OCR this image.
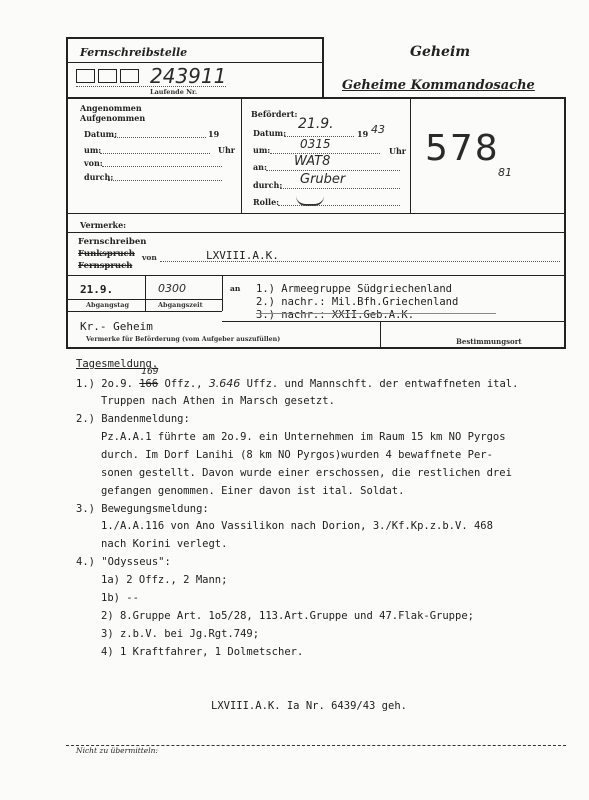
Fernschreibstelle
243911
Laufende Nr.
Geheim
Geheime Kommandosache
Angenommen
Aufgenommen
Datum:	19
um:	Uhr
von:
durch:
Befördert:
Datum:
21.9.
19 43
um: 0315	Uhr
an: WAT8
durch: Gruber
Rolle:
578
81
Vermerke:
Fernschreiben
Funkspruch
Fernspruch
von	LXVIII.A.K.
21.9.
Abgangstag
0300
Abgangszeit
an 1.) Armeegruppe Südgriechenland
2.) nachr.: Mil.Bfh.Griechenland
3.) nachr.: XXII.Geb.A.K.
Kr.- Geheim
Vermerke für Beförderung (vom Aufgeber auszufüllen)	Bestimmungsort
Tagesmeldung.
1.) 2o.9. 166
169
Offz., 3.646 Uffz. und Mannschft. der entwaffneten ital.
Truppen nach Athen in Marsch gesetzt.
2.) Bandenmeldung:
Pz.A.A.1 führte am 2o.9. ein Unternehmen im Raum 15 km NO Pyrgos
durch. Im Dorf Lanihi (8 km NO Pyrgos)wurden 4 bewaffnete Per-
sonen gestellt. Davon wurde einer erschossen, die restlichen drei
gefangen genommen. Einer davon ist ital. Soldat.
3.) Bewegungsmeldung:
1./A.A.116 von Ano Vassilikon nach Dorion, 3./Kf.Kp.z.b.V. 468
nach Korini verlegt.
4.) "Odysseus":
1a) 2 Offz., 2 Mann;
1b) --
2) 8.Gruppe Art. 1o5/28, 113.Art.Gruppe und 47.Flak-Gruppe;
3) z.b.V. bei Jg.Rgt.749;
4) 1 Kraftfahrer, 1 Dolmetscher.
LXVIII.A.K. Ia Nr. 6439/43 geh.
Nicht zu übermitteln:
